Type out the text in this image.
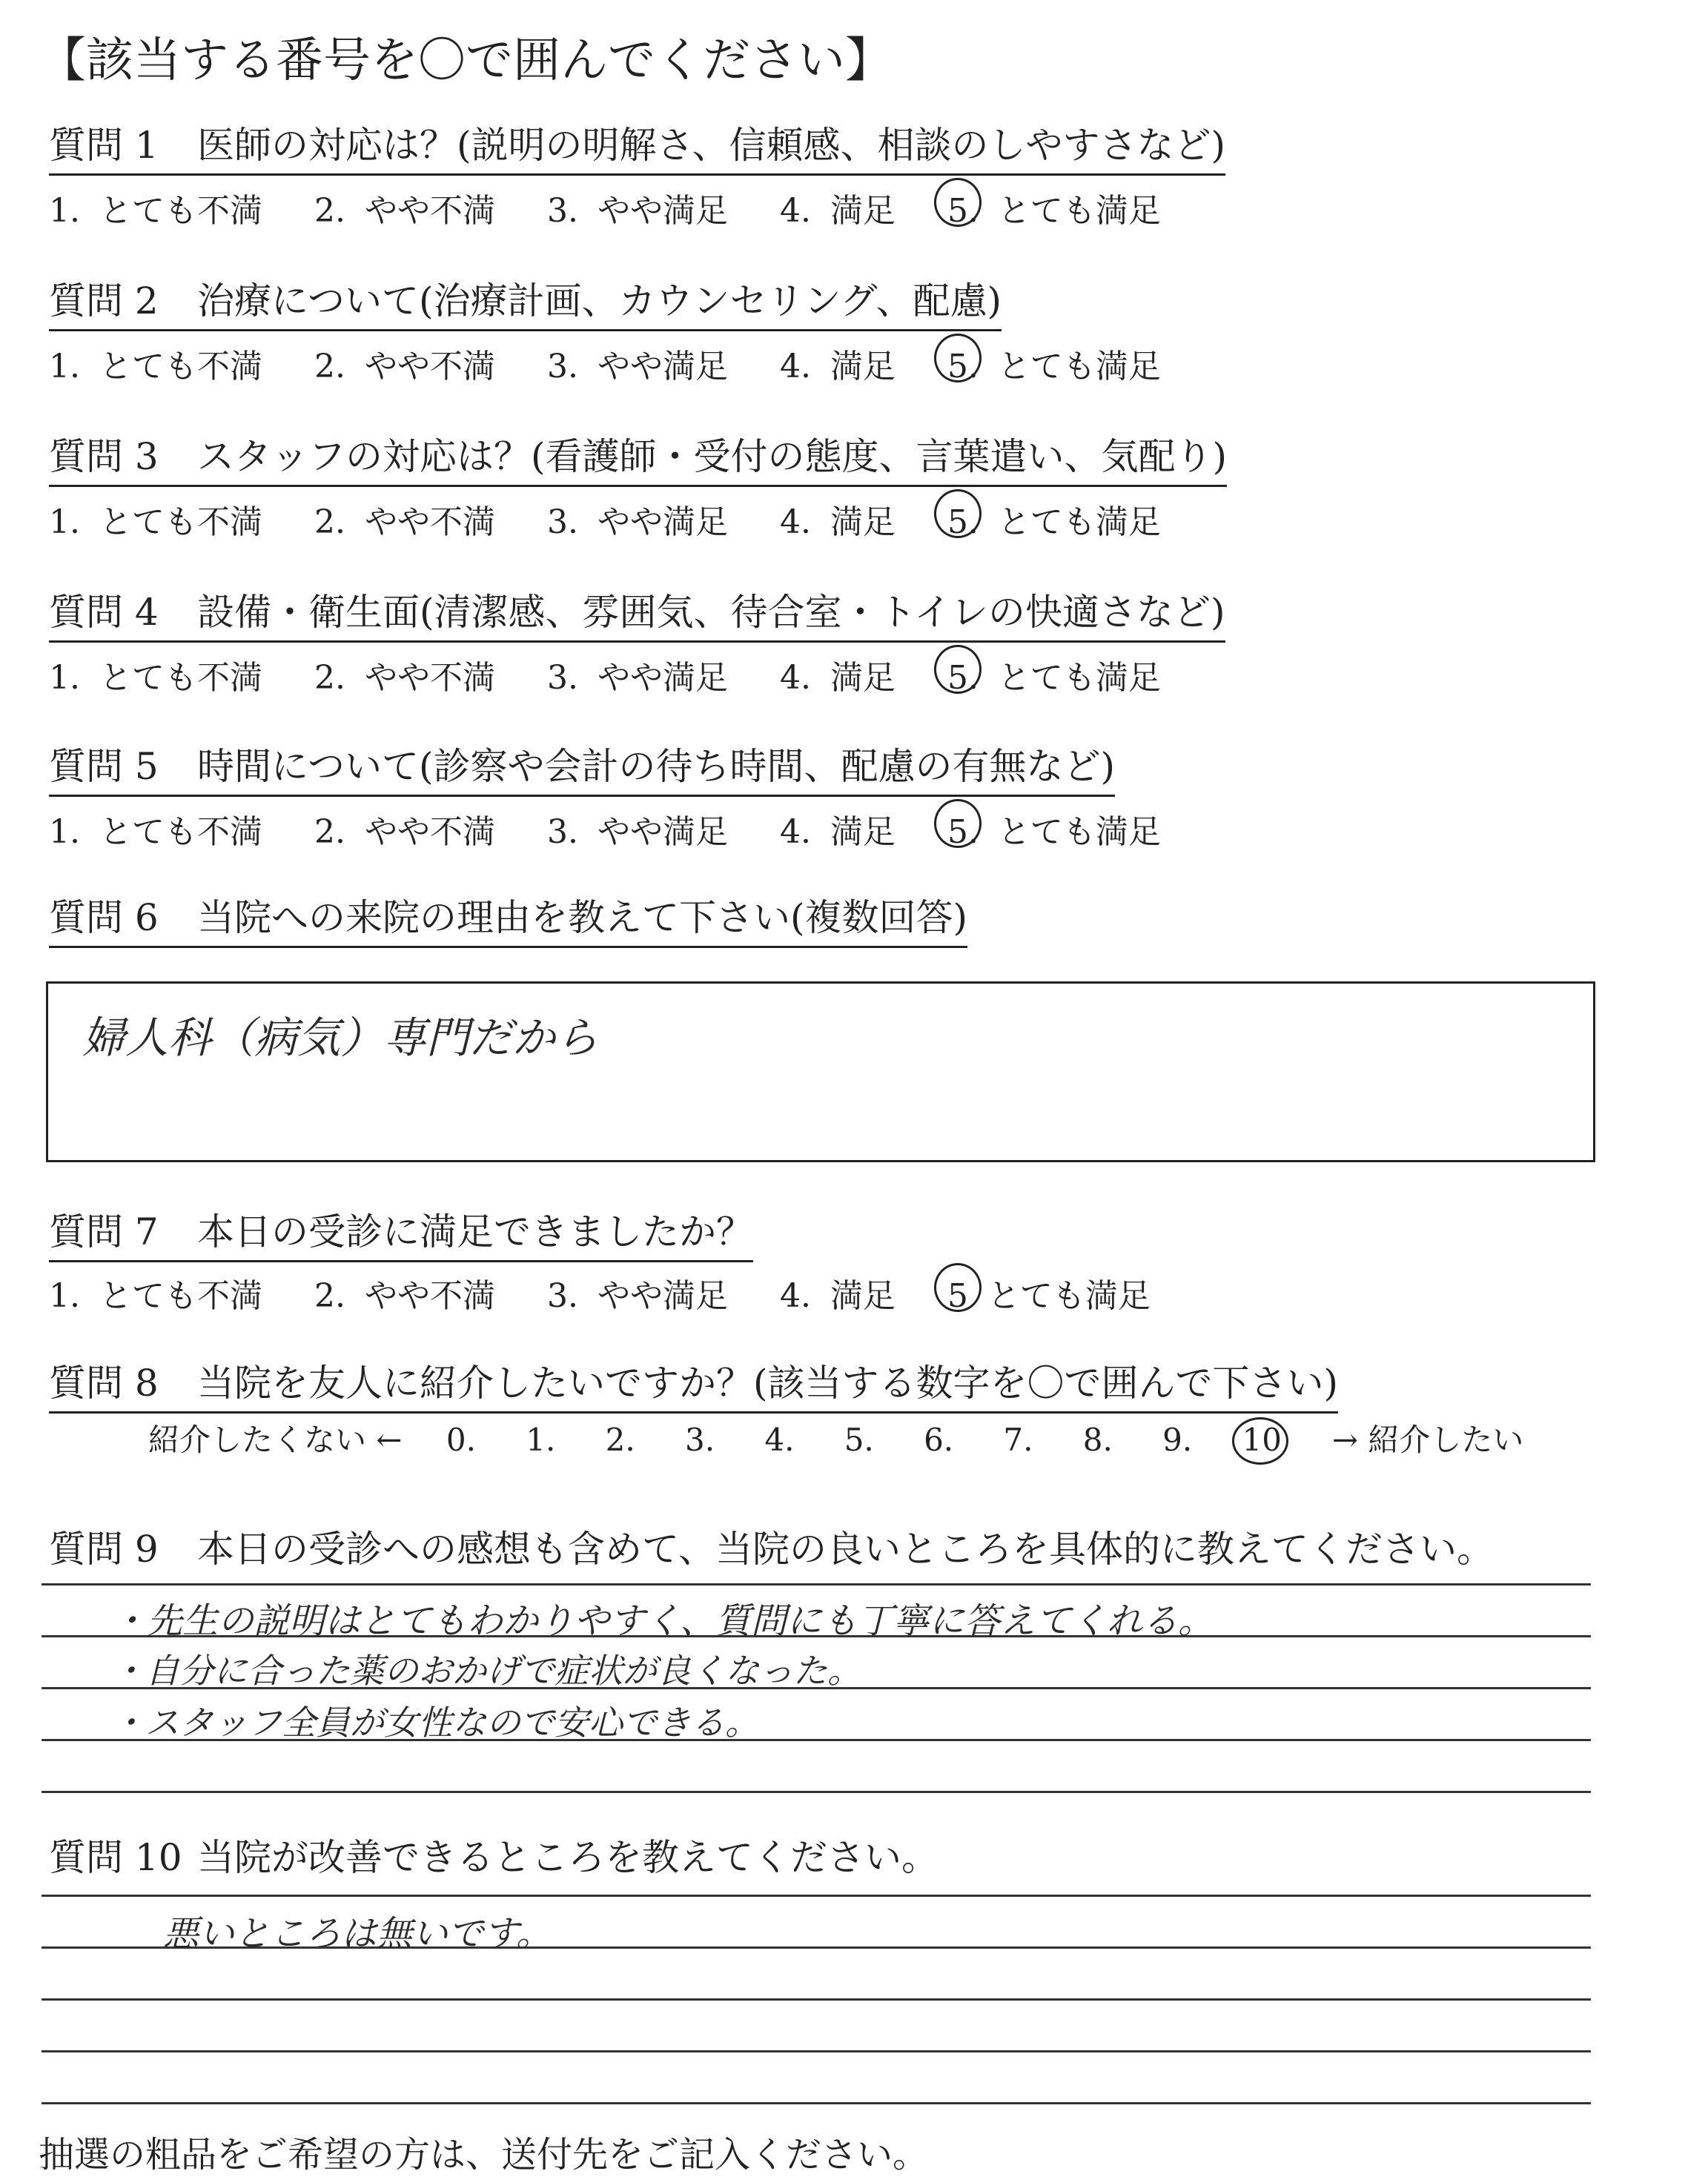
【該当する番号を〇で囲んでください】
質問 1 医師の対応は？(説明の明解さ、信頼感、相談のしやすさなど)
1. とても不満 2. やや不満 3. やや満足 4. 満足 5. とても満足
質問 2 治療について(治療計画、カウンセリング、配慮)
1. とても不満 2. やや不満 3. やや満足 4. 満足 5. とても満足
質問 3 スタッフの対応は？(看護師・受付の態度、言葉遣い、気配り)
1. とても不満 2. やや不満 3. やや満足 4. 満足 5. とても満足
質問 4 設備・衛生面(清潔感、雰囲気、待合室・トイレの快適さなど)
1. とても不満 2. やや不満 3. やや満足 4. 満足 5. とても満足
質問 5 時間について(診察や会計の待ち時間、配慮の有無など)
1. とても不満 2. やや不満 3. やや満足 4. 満足 5. とても満足
質問 6 当院への来院の理由を教えて下さい(複数回答)
婦人科（病気）専門だから
質問 7 本日の受診に満足できましたか？
1. とても不満 2. やや不満 3. やや満足 4. 満足 5 とても満足
質問 8 当院を友人に紹介したいですか？(該当する数字を〇で囲んで下さい)
紹介したくない ← 0. 1. 2. 3. 4. 5. 6. 7. 8. 9. 10 → 紹介したい
質問 9 本日の受診への感想も含めて、当院の良いところを具体的に教えてください。
・先生の説明はとてもわかりやすく、質問にも丁寧に答えてくれる。
・自分に合った薬のおかげで症状が良くなった。
・スタッフ全員が女性なので安心できる。
質問 10 当院が改善できるところを教えてください。
悪いところは無いです。
抽選の粗品をご希望の方は、送付先をご記入ください。
